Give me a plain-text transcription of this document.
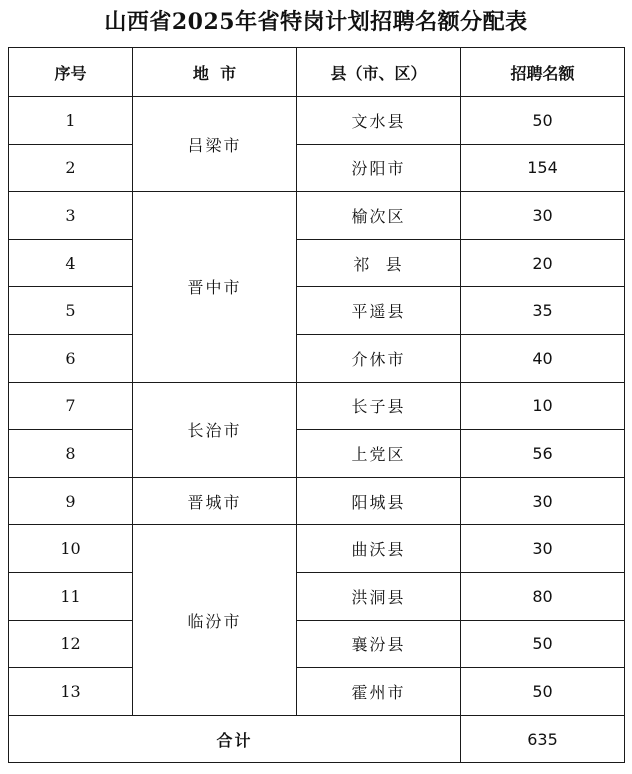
山西省2025年省特岗计划招聘名额分配表
序号	地  市	县（市、区）	招聘名额
1	吕梁市	文水县	50
2		汾阳市	154
3	晋中市	榆次区	30
4		祁  县	20
5		平遥县	35
6		介休市	40
7	长治市	长子县	10
8		上党区	56
9	晋城市	阳城县	30
10	临汾市	曲沃县	30
11		洪洞县	80
12		襄汾县	50
13		霍州市	50
合计			635
